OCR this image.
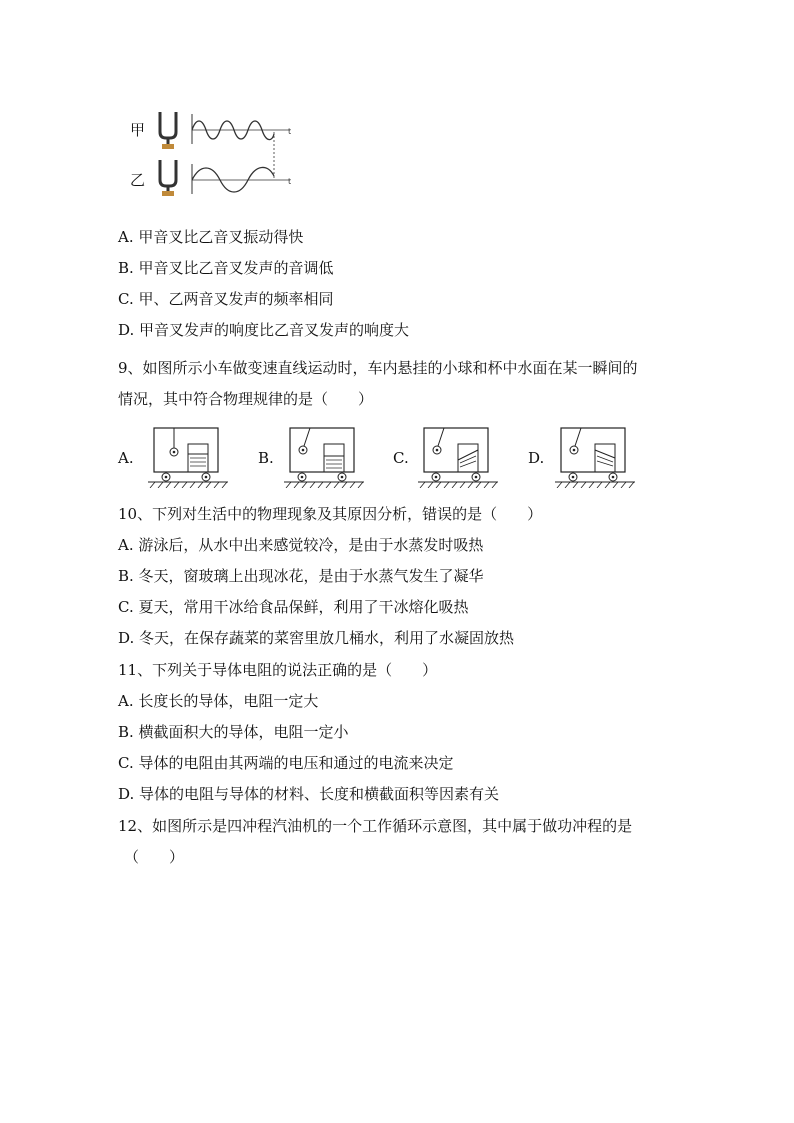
甲
乙
t
t
A. 甲音叉比乙音叉振动得快
B. 甲音叉比乙音叉发声的音调低
C. 甲、乙两音叉发声的频率相同
D. 甲音叉发声的响度比乙音叉发声的响度大
9、如图所示小车做变速直线运动时，车内悬挂的小球和杯中水面在某一瞬间的
情况，其中符合物理规律的是（　　）
A.	B.	C.	D.
10、下列对生活中的物理现象及其原因分析，错误的是（　　）
A. 游泳后，从水中出来感觉较冷，是由于水蒸发时吸热
B. 冬天，窗玻璃上出现冰花，是由于水蒸气发生了凝华
C. 夏天，常用干冰给食品保鲜，利用了干冰熔化吸热
D. 冬天，在保存蔬菜的菜窖里放几桶水，利用了水凝固放热
11、下列关于导体电阻的说法正确的是（　　）
A. 长度长的导体，电阻一定大
B. 横截面积大的导体，电阻一定小
C. 导体的电阻由其两端的电压和通过的电流来决定
D. 导体的电阻与导体的材料、长度和横截面积等因素有关
12、如图所示是四冲程汽油机的一个工作循环示意图，其中属于做功冲程的是
（　　）
